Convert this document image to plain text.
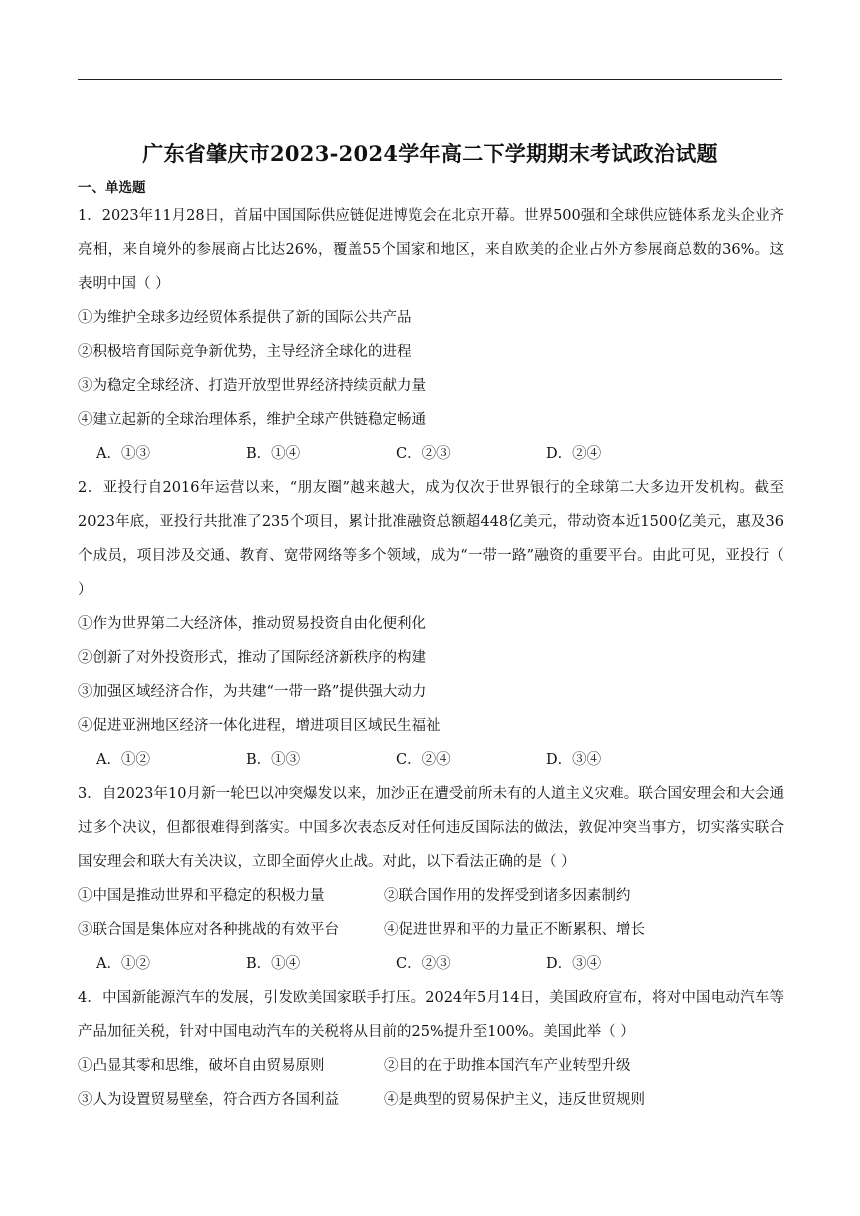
广东省肇庆市2023-2024学年高二下学期期末考试政治试题
一、单选题

1．2023年11月28日，首届中国国际供应链促进博览会在北京开幕。世界500强和全球供应链体系龙头企业齐亮相，来自境外的参展商占比达26%，覆盖55个国家和地区，来自欧美的企业占外方参展商总数的36%。这表明中国（ ）

①为维护全球多边经贸体系提供了新的国际公共产品

②积极培育国际竞争新优势，主导经济全球化的进程

③为稳定全球经济、打造开放型世界经济持续贡献力量

④建立起新的全球治理体系，维护全球产供链稳定畅通

A．①③	B．①④	C．②③	D．②④

2．亚投行自2016年运营以来，“朋友圈”越来越大，成为仅次于世界银行的全球第二大多边开发机构。截至2023年底，亚投行共批准了235个项目，累计批准融资总额超448亿美元，带动资本近1500亿美元，惠及36个成员，项目涉及交通、教育、宽带网络等多个领域，成为“一带一路”融资的重要平台。由此可见，亚投行（ ）

①作为世界第二大经济体，推动贸易投资自由化便利化

②创新了对外投资形式，推动了国际经济新秩序的构建

③加强区域经济合作，为共建“一带一路”提供强大动力

④促进亚洲地区经济一体化进程，增进项目区域民生福祉

A．①②	B．①③	C．②④	D．③④

3．自2023年10月新一轮巴以冲突爆发以来，加沙正在遭受前所未有的人道主义灾难。联合国安理会和大会通过多个决议，但都很难得到落实。中国多次表态反对任何违反国际法的做法，敦促冲突当事方，切实落实联合国安理会和联大有关决议，立即全面停火止战。对此，以下看法正确的是（ ）

①中国是推动世界和平稳定的积极力量	②联合国作用的发挥受到诸多因素制约
③联合国是集体应对各种挑战的有效平台	④促进世界和平的力量正不断累积、增长
A．①②	B．①④	C．②③	D．③④

4．中国新能源汽车的发展，引发欧美国家联手打压。2024年5月14日，美国政府宣布，将对中国电动汽车等产品加征关税，针对中国电动汽车的关税将从目前的25%提升至100%。美国此举（ ）

①凸显其零和思维，破坏自由贸易原则	②目的在于助推本国汽车产业转型升级
③人为设置贸易壁垒，符合西方各国利益	④是典型的贸易保护主义，违反世贸规则
